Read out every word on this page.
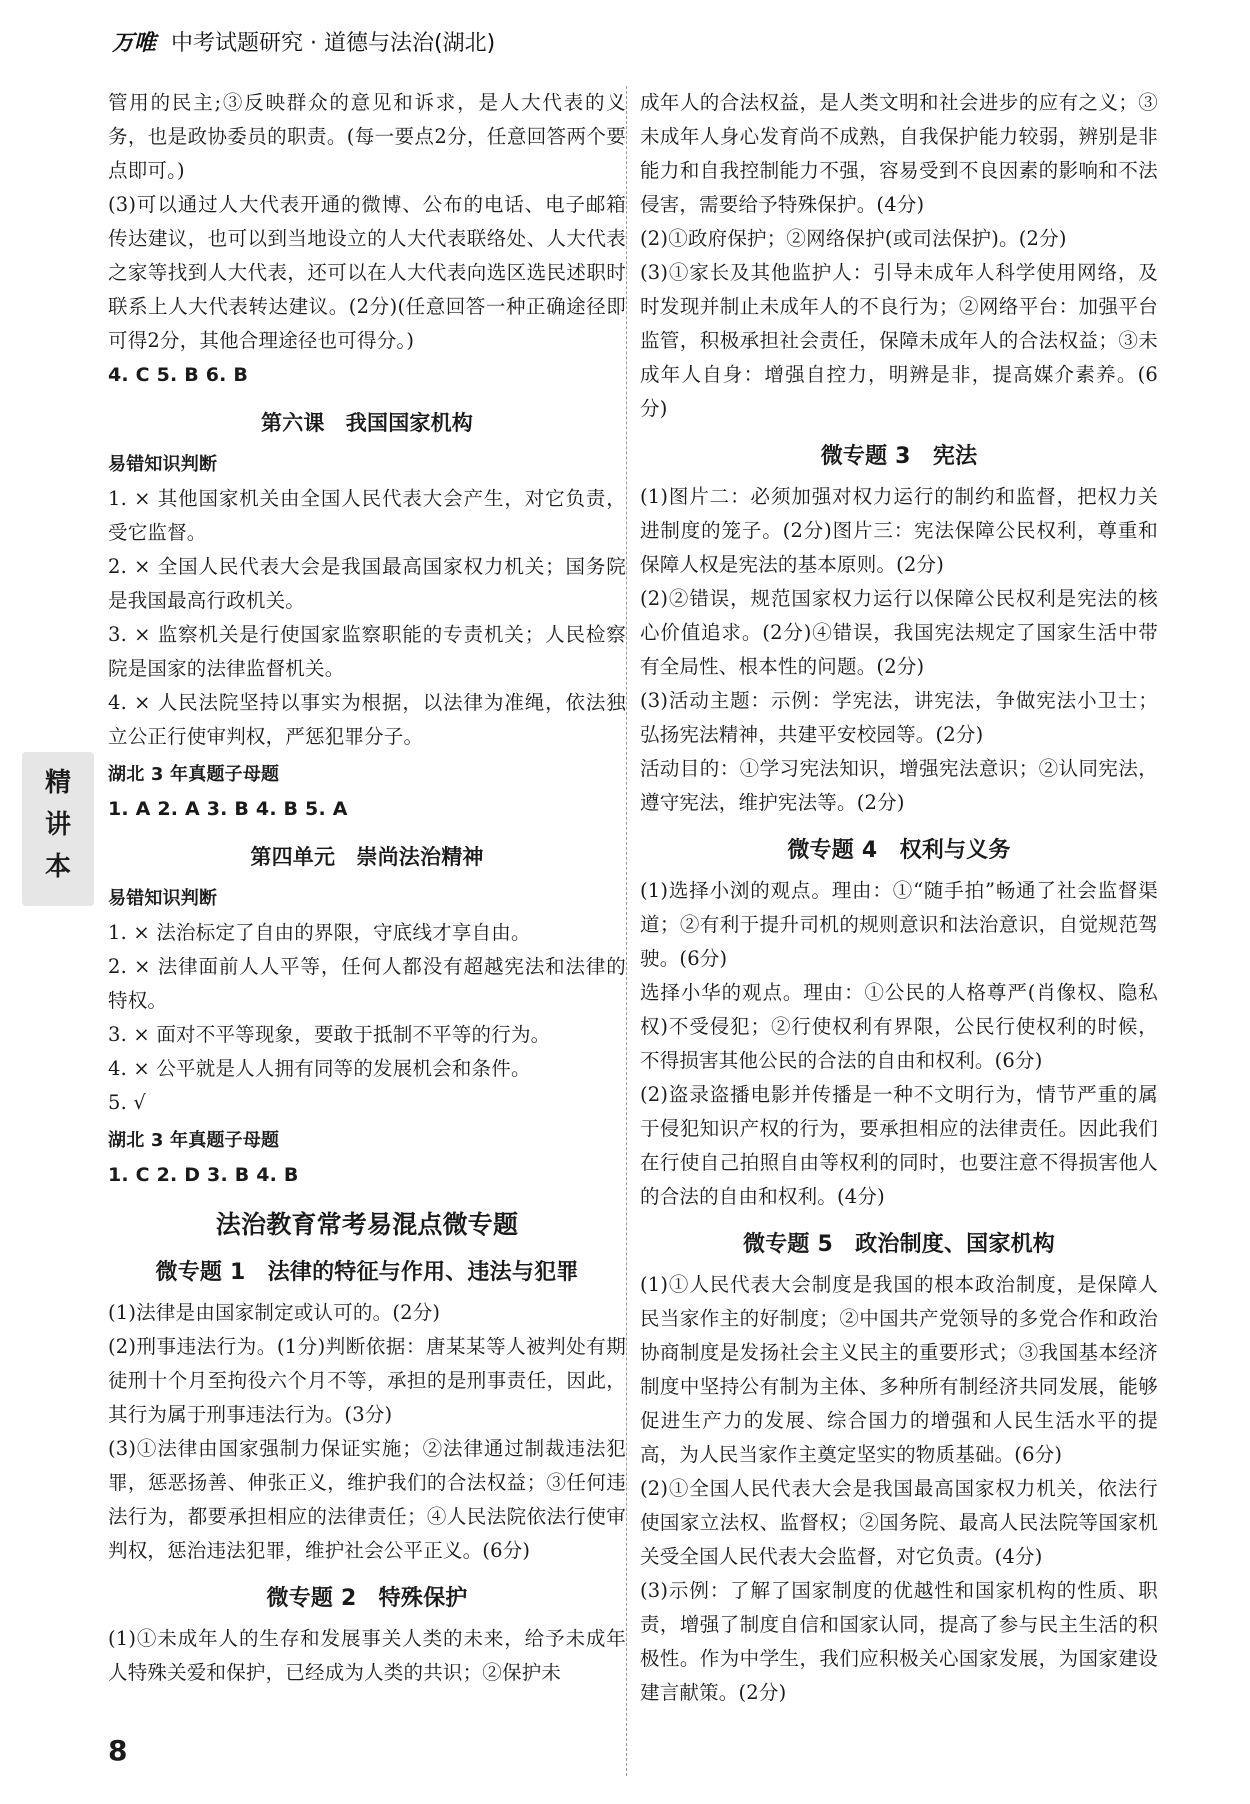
万唯 中考试题研究 · 道德与法治(湖北)
精
讲
本

管用的民主;③反映群众的意见和诉求，是人大代表的义务，也是政协委员的职责。(每一要点2分，任意回答两个要点即可。)

(3)可以通过人大代表开通的微博、公布的电话、电子邮箱传达建议，也可以到当地设立的人大代表联络处、人大代表之家等找到人大代表，还可以在人大代表向选区选民述职时联系上人大代表转达建议。(2分)(任意回答一种正确途径即可得2分，其他合理途径也可得分。)

4. C 5. B 6. B

第六课　我国国家机构
易错知识判断

1. × 其他国家机关由全国人民代表大会产生，对它负责，受它监督。

2. × 全国人民代表大会是我国最高国家权力机关；国务院是我国最高行政机关。

3. × 监察机关是行使国家监察职能的专责机关；人民检察院是国家的法律监督机关。

4. × 人民法院坚持以事实为根据，以法律为准绳，依法独立公正行使审判权，严惩犯罪分子。

湖北 3 年真题子母题

1. A 2. A 3. B 4. B 5. A

第四单元　崇尚法治精神
易错知识判断

1. × 法治标定了自由的界限，守底线才享自由。

2. × 法律面前人人平等，任何人都没有超越宪法和法律的特权。

3. × 面对不平等现象，要敢于抵制不平等的行为。

4. × 公平就是人人拥有同等的发展机会和条件。

5. √

湖北 3 年真题子母题

1. C 2. D 3. B 4. B

法治教育常考易混点微专题
微专题 1　法律的特征与作用、违法与犯罪

(1)法律是由国家制定或认可的。(2分)

(2)刑事违法行为。(1分)判断依据：唐某某等人被判处有期徒刑十个月至拘役六个月不等，承担的是刑事责任，因此，其行为属于刑事违法行为。(3分)

(3)①法律由国家强制力保证实施；②法律通过制裁违法犯罪，惩恶扬善、伸张正义，维护我们的合法权益；③任何违法行为，都要承担相应的法律责任；④人民法院依法行使审判权，惩治违法犯罪，维护社会公平正义。(6分)

微专题 2　特殊保护

(1)①未成年人的生存和发展事关人类的未来，给予未成年人特殊关爱和保护，已经成为人类的共识；②保护未

成年人的合法权益，是人类文明和社会进步的应有之义；③未成年人身心发育尚不成熟，自我保护能力较弱，辨别是非能力和自我控制能力不强，容易受到不良因素的影响和不法侵害，需要给予特殊保护。(4分)

(2)①政府保护；②网络保护(或司法保护)。(2分)

(3)①家长及其他监护人：引导未成年人科学使用网络，及时发现并制止未成年人的不良行为；②网络平台：加强平台监管，积极承担社会责任，保障未成年人的合法权益；③未成年人自身：增强自控力，明辨是非，提高媒介素养。(6分)

微专题 3　宪法

(1)图片二：必须加强对权力运行的制约和监督，把权力关进制度的笼子。(2分)图片三：宪法保障公民权利，尊重和保障人权是宪法的基本原则。(2分)

(2)②错误，规范国家权力运行以保障公民权利是宪法的核心价值追求。(2分)④错误，我国宪法规定了国家生活中带有全局性、根本性的问题。(2分)

(3)活动主题：示例：学宪法，讲宪法，争做宪法小卫士；弘扬宪法精神，共建平安校园等。(2分)

活动目的：①学习宪法知识，增强宪法意识；②认同宪法，遵守宪法，维护宪法等。(2分)

微专题 4　权利与义务

(1)选择小浏的观点。理由：①“随手拍”畅通了社会监督渠道；②有利于提升司机的规则意识和法治意识，自觉规范驾驶。(6分)

选择小华的观点。理由：①公民的人格尊严(肖像权、隐私权)不受侵犯；②行使权利有界限，公民行使权利的时候，不得损害其他公民的合法的自由和权利。(6分)

(2)盗录盗播电影并传播是一种不文明行为，情节严重的属于侵犯知识产权的行为，要承担相应的法律责任。因此我们在行使自己拍照自由等权利的同时，也要注意不得损害他人的合法的自由和权利。(4分)

微专题 5　政治制度、国家机构

(1)①人民代表大会制度是我国的根本政治制度，是保障人民当家作主的好制度；②中国共产党领导的多党合作和政治协商制度是发扬社会主义民主的重要形式；③我国基本经济制度中坚持公有制为主体、多种所有制经济共同发展，能够促进生产力的发展、综合国力的增强和人民生活水平的提高，为人民当家作主奠定坚实的物质基础。(6分)

(2)①全国人民代表大会是我国最高国家权力机关，依法行使国家立法权、监督权；②国务院、最高人民法院等国家机关受全国人民代表大会监督，对它负责。(4分)

(3)示例：了解了国家制度的优越性和国家机构的性质、职责，增强了制度自信和国家认同，提高了参与民主生活的积极性。作为中学生，我们应积极关心国家发展，为国家建设建言献策。(2分)

8
